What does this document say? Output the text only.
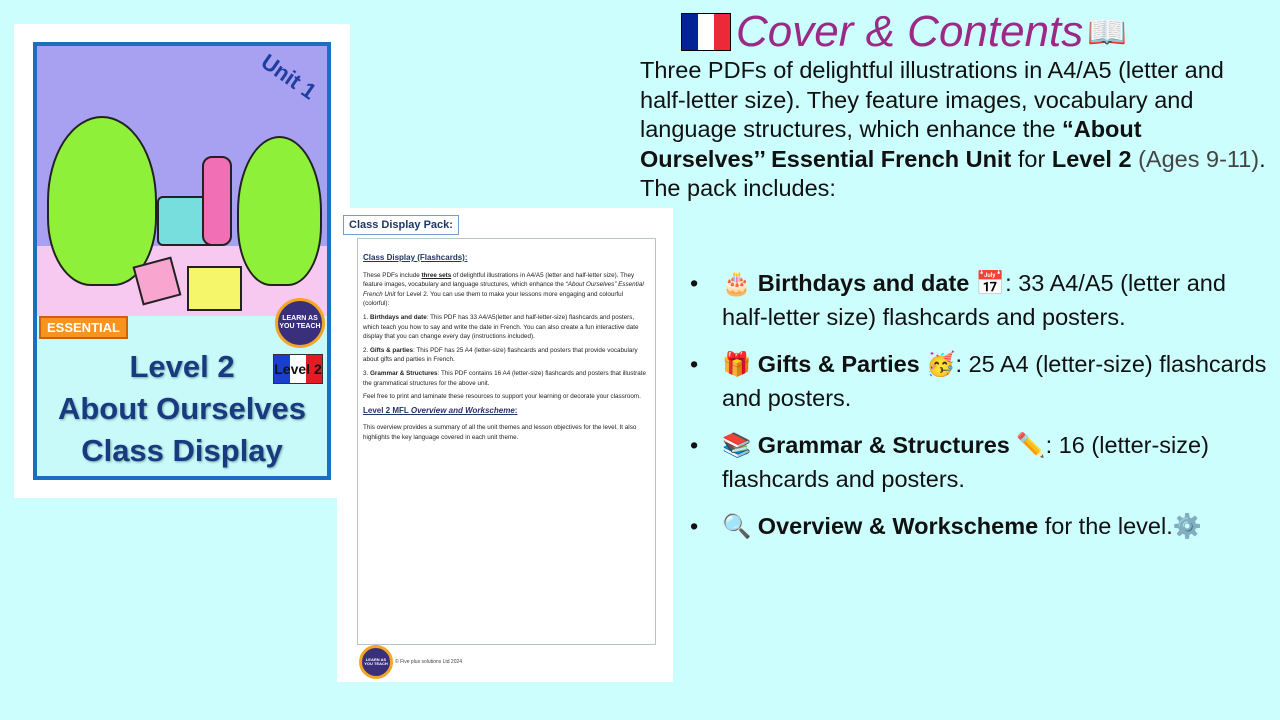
Unit 1
LEARN AS YOU TEACH
ESSENTIAL
Level 2
Level 2
About Ourselves
Class Display
Class Display Pack:
Class Display (Flashcards):

These PDFs include three sets of delightful illustrations in A4/A5 (letter and half-letter size). They feature images, vocabulary and language structures, which enhance the “About Ourselves” Essential French Unit for Level 2. You can use them to make your lessons more engaging and colourful (colorful):

1. Birthdays and date: This PDF has 33 A4/A5(letter and half-letter-size) flashcards and posters, which teach you how to say and write the date in French. You can also create a fun interactive date display that you can change every day (instructions included).

2. Gifts & parties: This PDF has 25 A4 (letter-size) flashcards and posters that provide vocabulary about gifts and parties in French.

3. Grammar & Structures: This PDF contains 16 A4 (letter-size) flashcards and posters that illustrate the grammatical structures for the above unit.

Feel free to print and laminate these resources to support your learning or decorate your classroom.

Level 2 MFL Overview and Workscheme:

This overview provides a summary of all the unit themes and lesson objectives for the level. It also highlights the key language covered in each unit theme.

LEARN AS YOU TEACH	© Five plus solutions Ltd 2024
Cover & Contents 📖
Three PDFs of delightful illustrations in A4/A5 (letter and half-letter size). They feature images, vocabulary and language structures, which enhance the “About Ourselves’’ Essential French Unit for Level 2 (Ages 9-11). The pack includes:
• 🎂 Birthdays and date 📅: 33 A4/A5 (letter and half-letter size) flashcards and posters.
• 🎁 Gifts & Parties 🥳: 25 A4 (letter-size) flashcards and posters.
• 📚 Grammar & Structures ✏️: 16 (letter-size) flashcards and posters.
• 🔍 Overview & Workscheme for the level.⚙️
